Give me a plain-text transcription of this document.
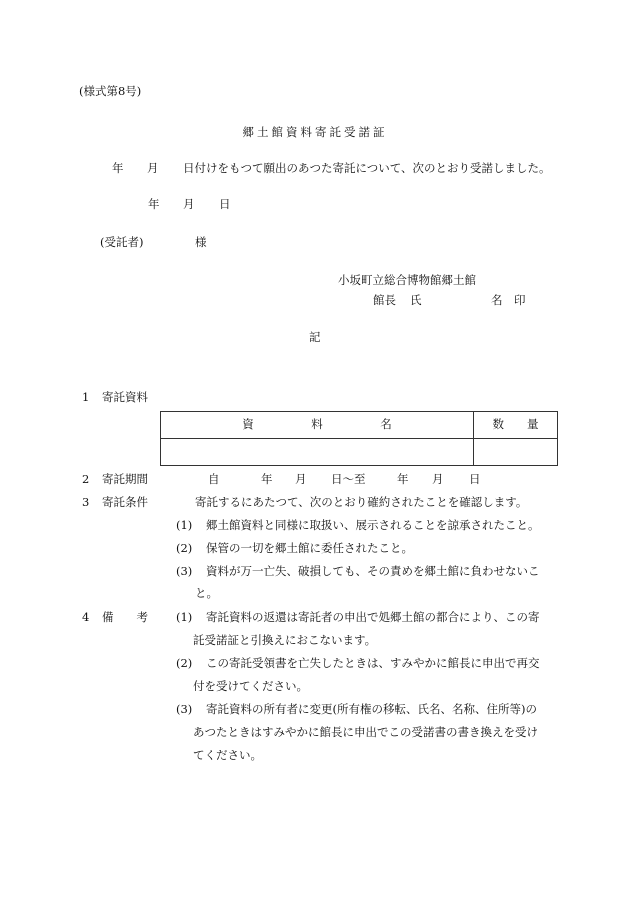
(様式第8号)
郷土館資料寄託受諾証
年 月 日付けをもつて願出のあつた寄託について、次のとおり受諾しました。
年 月 日
(受託者)	様
小坂町立総合博物館郷土館
館長 氏	名 印
記
1 寄託資料
資　　　　　料　　　　　名	数　　量

2 寄託期間	自	年 月 日～至	年 月 日
3 寄託条件	寄託するにあたつて、次のとおり確約されたことを確認します。
(1) 郷土館資料と同様に取扱い、展示されることを諒承されたこと。
(2) 保管の一切を郷土館に委任されたこと。
(3) 資料が万一亡失、破損しても、その責めを郷土館に負わせないこ
と。
4 備　　考 (1) 寄託資料の返還は寄託者の申出で処郷土館の都合により、この寄
託受諾証と引換えにおこないます。
(2) この寄託受領書を亡失したときは、すみやかに館長に申出で再交
付を受けてください。
(3) 寄託資料の所有者に変更(所有権の移転、氏名、名称、住所等)の
あつたときはすみやかに館長に申出でこの受諾書の書き換えを受け
てください。
